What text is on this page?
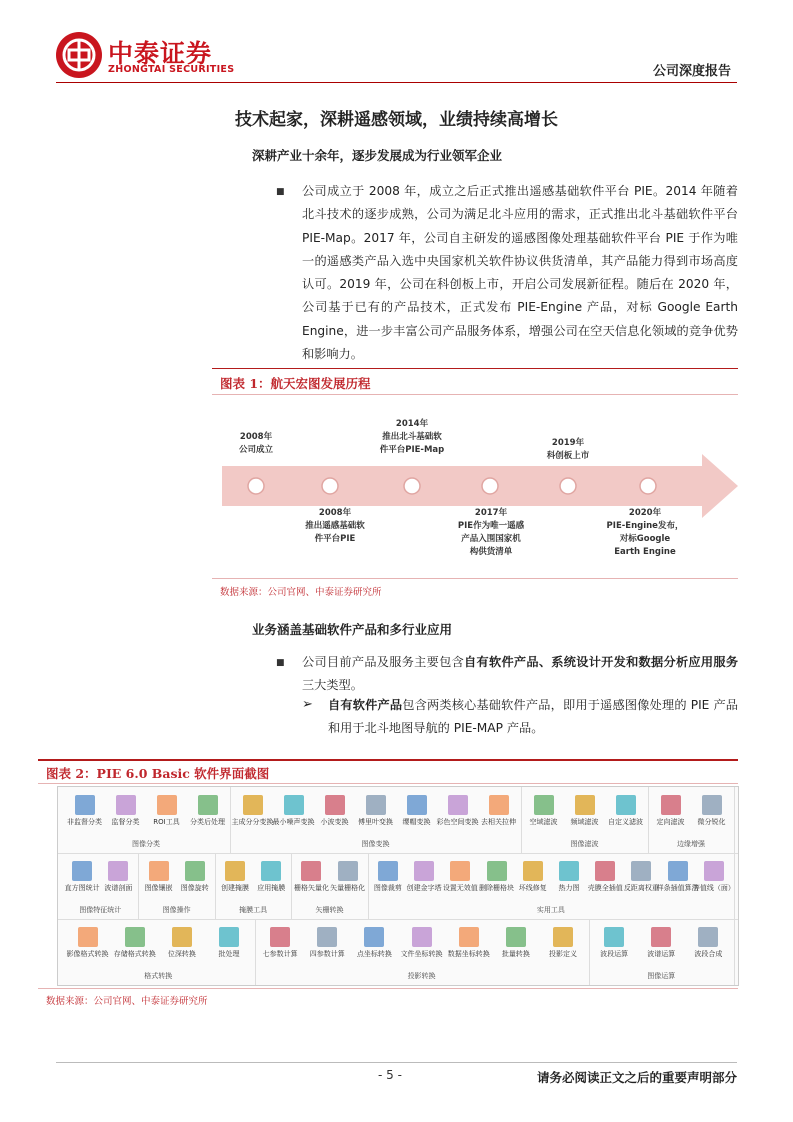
中泰证券
ZHONGTAI SECURITIES	公司深度报告
技术起家，深耕遥感领域，业绩持续高增长
深耕产业十余年，逐步发展成为行业领军企业
■ 公司成立于 2008 年，成立之后正式推出遥感基础软件平台 PIE。2014 年随着北斗技术的逐步成熟，公司为满足北斗应用的需求，正式推出北斗基础软件平台 PIE-Map。2017 年，公司自主研发的遥感图像处理基础软件平台 PIE 于作为唯一的遥感类产品入选中央国家机关软件协议供货清单，其产品能力得到市场高度认可。2019 年，公司在科创板上市，开启公司发展新征程。随后在 2020 年，公司基于已有的产品技术，正式发布 PIE-Engine 产品，对标 Google Earth Engine，进一步丰富公司产品服务体系，增强公司在空天信息化领域的竞争优势和影响力。
图表 1：航天宏图发展历程
2008年
公司成立
2014年
推出北斗基础软
件平台PIE-Map
2019年
科创板上市
2008年
推出遥感基础软
件平台PIE
2017年
PIE作为唯一遥感
产品入围国家机
构供货清单
2020年
PIE-Engine发布，
对标Google
Earth Engine
数据来源：公司官网、中泰证券研究所
业务涵盖基础软件产品和多行业应用
■ 公司目前产品及服务主要包含自有软件产品、系统设计开发和数据分析应用服务三大类型。
➢ 自有软件产品包含两类核心基础软件产品，即用于遥感图像处理的 PIE 产品和用于北斗地图导航的 PIE-MAP 产品。
图表 2：PIE 6.0 Basic 软件界面截图
非监督分类	监督分类	ROI工具	分类后处理
图像分类
主成分分变换 最小噪声变换 小波变换	傅里叶变换	缨帽变换 彩色空间变换 去相关拉伸
图像变换
空域滤波	频域滤波	自定义滤波
图像滤波
定向滤波	微分锐化
边缘增强
直方图统计 波谱剖面
图像特征统计
图像镶嵌	图像旋转
图像操作
创建掩膜	应用掩膜
掩膜工具
栅格矢量化 矢量栅格化
矢栅转换
图像裁剪 创建金字塔 设置无效值 删除栅格块 坏线修复	热力图	壳膜全插值 反距离权重
样条插值算法
等值线（面）
实用工具
影像格式转换 存储格式转换	位深转换	批处理
格式转换
七参数计算	四参数计算	点坐标转换	文件坐标转换 数据坐标转换	批量转换	投影定义
投影转换
波段运算	波谱运算	波段合成
图像运算
数据来源：公司官网、中泰证券研究所
- 5 -	请务必阅读正文之后的重要声明部分
